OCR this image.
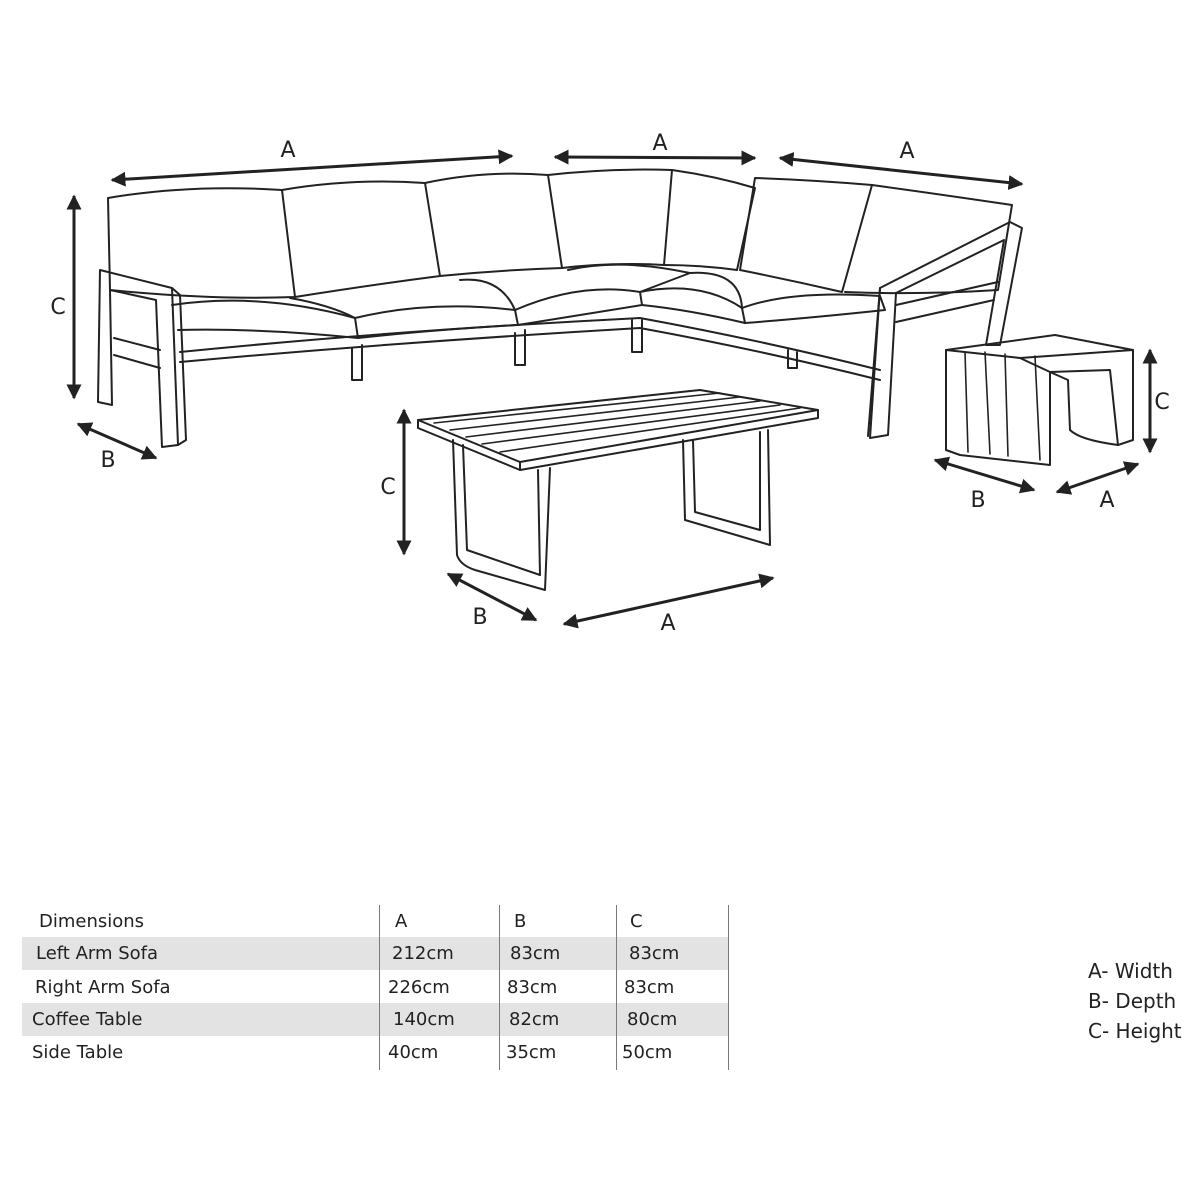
A	A	A
C
B
C
B	A
C
B	A
Dimensions	A	B	C
Left Arm Sofa	212cm	83cm	83cm
Right Arm Sofa	226cm	83cm	83cm
Coffee Table	140cm	82cm	80cm
Side Table	40cm	35cm	50cm
A- Width
B- Depth
C- Height
